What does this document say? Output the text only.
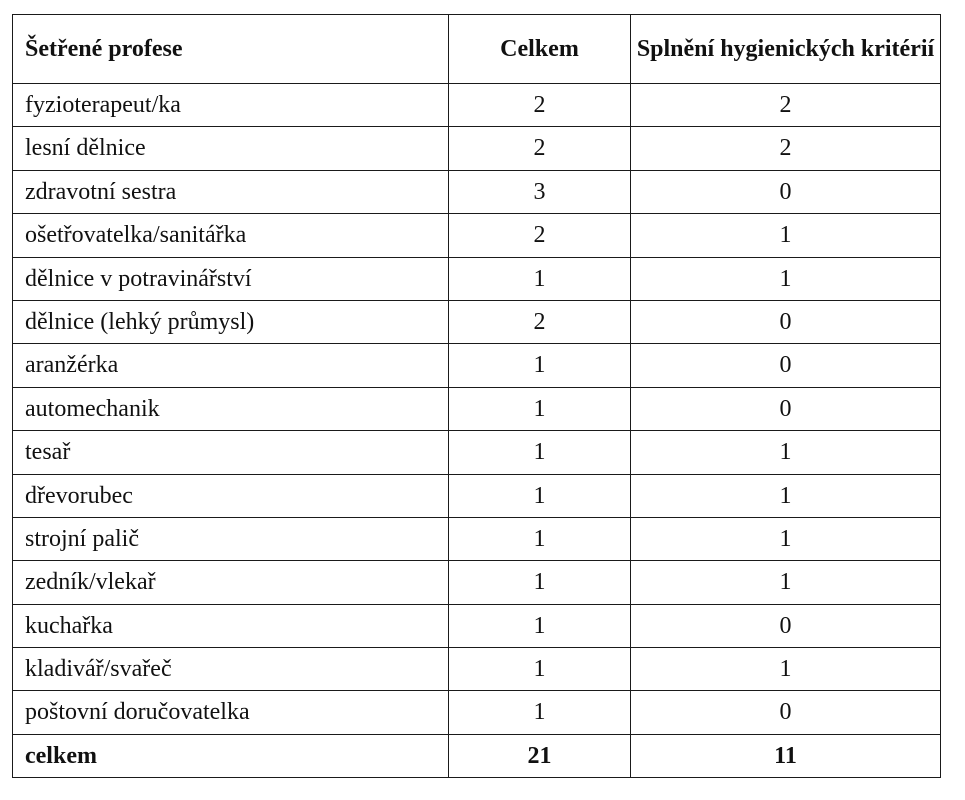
Šetřené profese	Celkem	Splnění hygienických kritérií
fyzioterapeut/ka	2	2
lesní dělnice	2	2
zdravotní sestra	3	0
ošetřovatelka/sanitářka	2	1
dělnice v potravinářství	1	1
dělnice (lehký průmysl)	2	0
aranžérka	1	0
automechanik	1	0
tesař	1	1
dřevorubec	1	1
strojní palič	1	1
zedník/vlekař	1	1
kuchařka	1	0
kladivář/svařeč	1	1
poštovní doručovatelka	1	0
celkem	21	11
